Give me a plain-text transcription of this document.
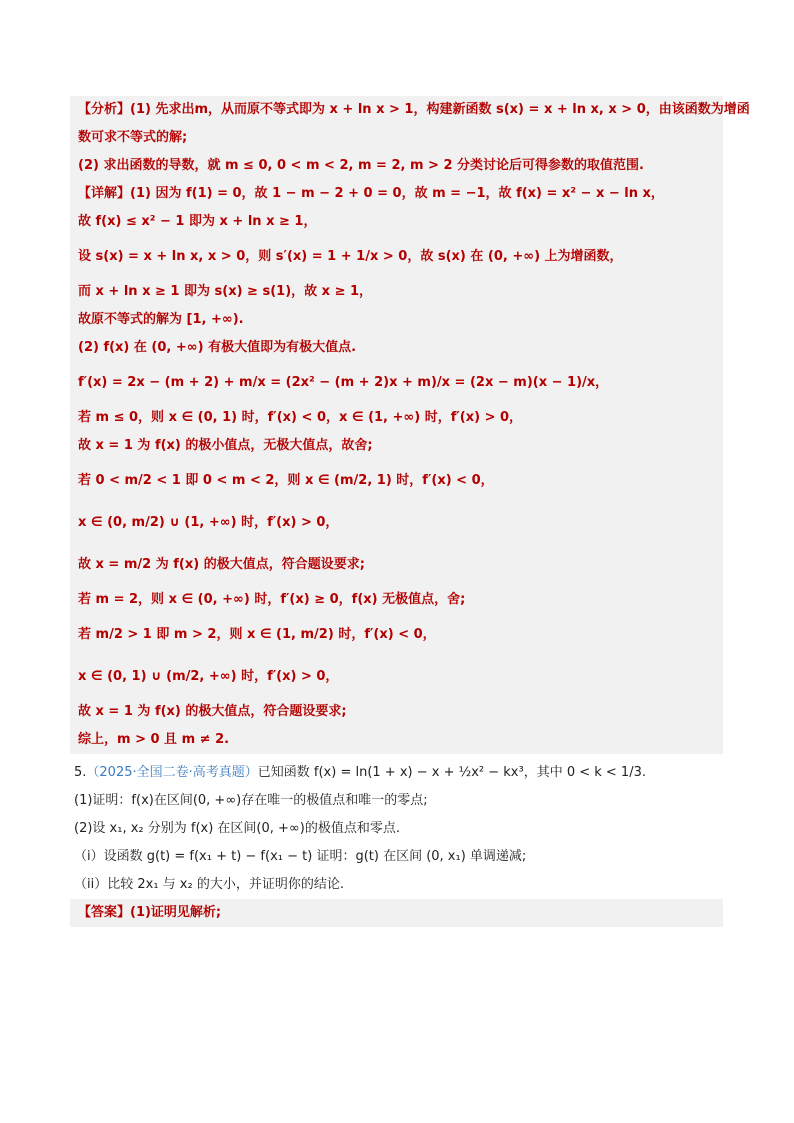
【分析】(1) 先求出m，从而原不等式即为 x + ln x > 1，构建新函数 s(x) = x + ln x, x > 0，由该函数为增函
数可求不等式的解;
(2) 求出函数的导数，就 m ≤ 0, 0 < m < 2, m = 2, m > 2 分类讨论后可得参数的取值范围.
【详解】(1) 因为 f(1) = 0，故 1 − m − 2 + 0 = 0，故 m = −1，故 f(x) = x² − x − ln x，
故 f(x) ≤ x² − 1 即为 x + ln x ≥ 1，
设 s(x) = x + ln x, x > 0，则 s′(x) = 1 + 1/x > 0，故 s(x) 在 (0, +∞) 上为增函数，
而 x + ln x ≥ 1 即为 s(x) ≥ s(1)，故 x ≥ 1，
故原不等式的解为 [1, +∞).
(2) f(x) 在 (0, +∞) 有极大值即为有极大值点.
f′(x) = 2x − (m + 2) + m/x = (2x² − (m + 2)x + m)/x = (2x − m)(x − 1)/x，
若 m ≤ 0，则 x ∈ (0, 1) 时，f′(x) < 0，x ∈ (1, +∞) 时，f′(x) > 0，
故 x = 1 为 f(x) 的极小值点，无极大值点，故舍;
若 0 < m/2 < 1 即 0 < m < 2，则 x ∈ (m/2, 1) 时，f′(x) < 0，
x ∈ (0, m/2) ∪ (1, +∞) 时，f′(x) > 0，
故 x = m/2 为 f(x) 的极大值点，符合题设要求;
若 m = 2，则 x ∈ (0, +∞) 时，f′(x) ≥ 0，f(x) 无极值点，舍;
若 m/2 > 1 即 m > 2，则 x ∈ (1, m/2) 时，f′(x) < 0，
x ∈ (0, 1) ∪ (m/2, +∞) 时，f′(x) > 0，
故 x = 1 为 f(x) 的极大值点，符合题设要求;
综上，m > 0 且 m ≠ 2.
5.（2025·全国二卷·高考真题）已知函数 f(x) = ln(1 + x) − x + ½x² − kx³，其中 0 < k < 1/3.
(1)证明：f(x)在区间(0, +∞)存在唯一的极值点和唯一的零点;
(2)设 x₁, x₂ 分别为 f(x) 在区间(0, +∞)的极值点和零点.
（i）设函数 g(t) = f(x₁ + t) − f(x₁ − t) 证明：g(t) 在区间 (0, x₁) 单调递减;
（ii）比较 2x₁ 与 x₂ 的大小，并证明你的结论.
【答案】(1)证明见解析;
